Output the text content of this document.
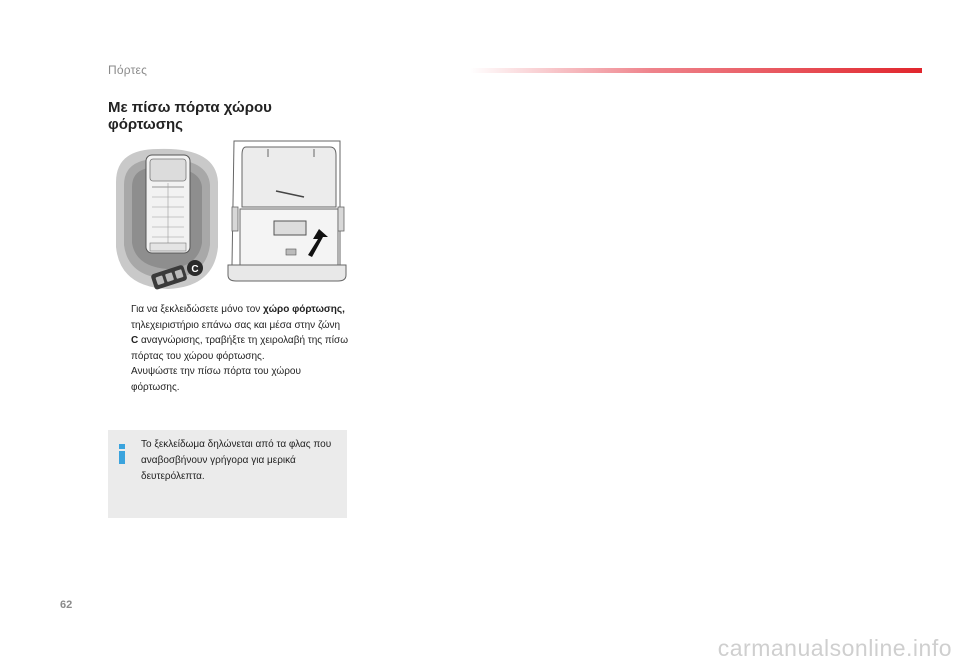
Πόρτες
Με πίσω πόρτα χώρου φόρτωσης
C
Για να ξεκλειδώσετε μόνο τον χώρο φόρτωσης, τηλεχειριστήριο επάνω σας και μέσα στην ζώνη C αναγνώρισης, τραβήξτε τη χειρολαβή της πίσω πόρτας του χώρου φόρτωσης.
Ανυψώστε την πίσω πόρτα του χώρου φόρτωσης.
Το ξεκλείδωμα δηλώνεται από τα φλας που αναβοσβήνουν γρήγορα για μερικά δευτερόλεπτα.
62
carmanualsonline.info
